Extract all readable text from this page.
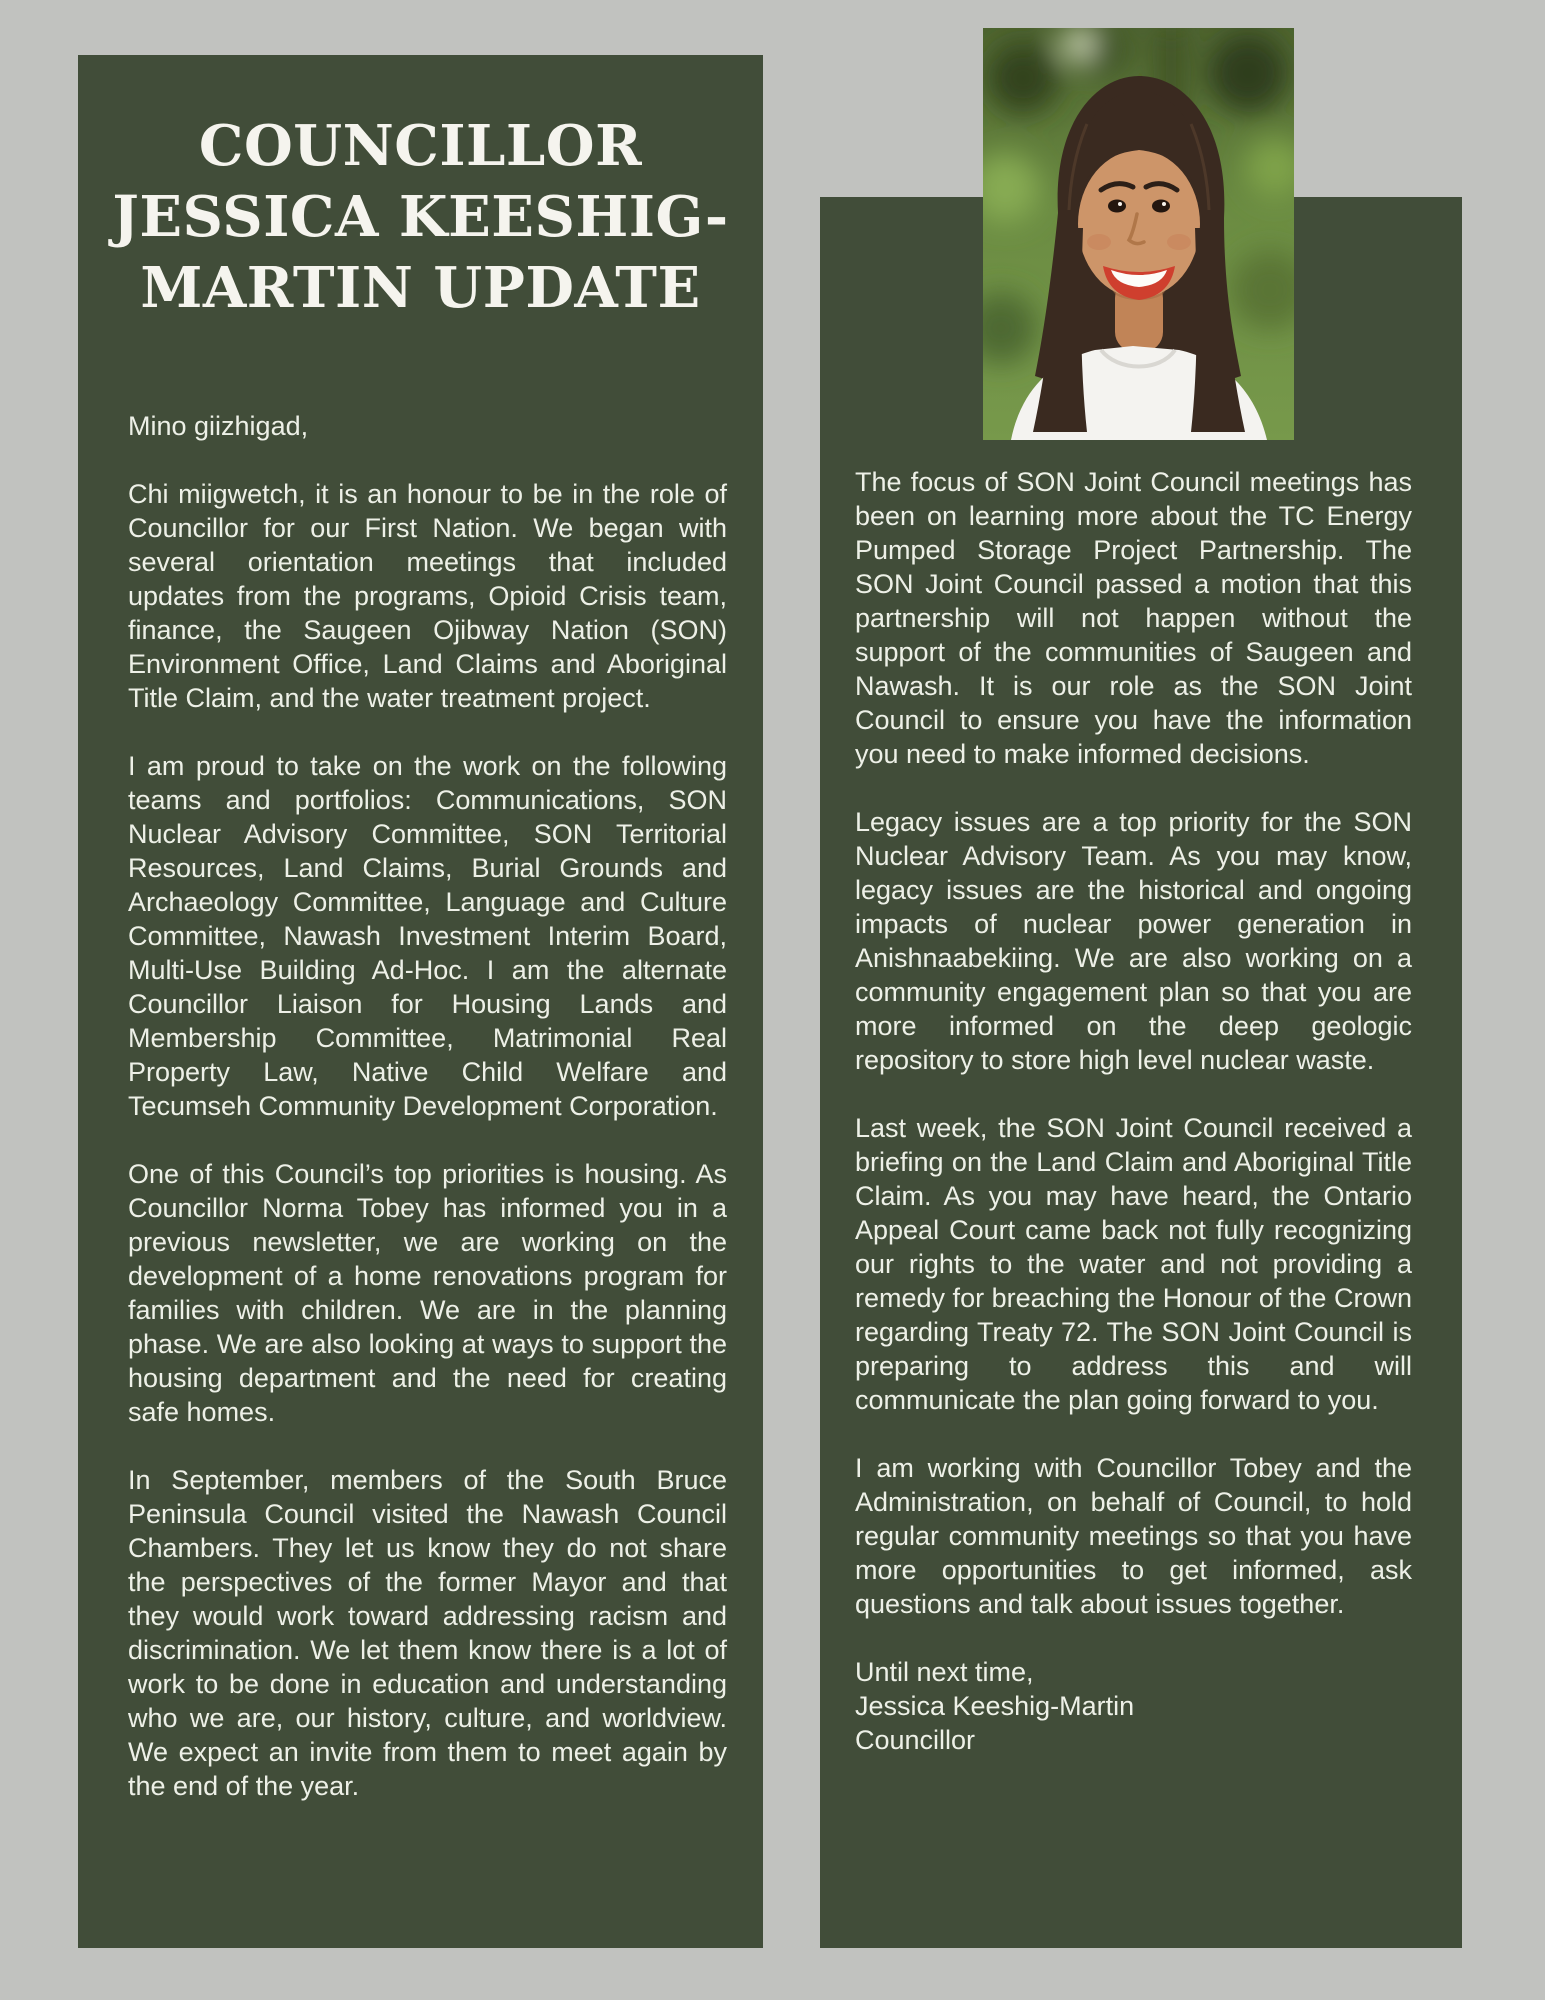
COUNCILLOR
JESSICA KEESHIG-
MARTIN UPDATE

Mino giizhigad,

Chi miigwetch, it is an honour to be in the role of Councillor for our First Nation. We began with several orientation meetings that included updates from the programs, Opioid Crisis team, finance, the Saugeen Ojibway Nation (SON) Environment Office, Land Claims and Aboriginal Title Claim, and the water treatment project.

I am proud to take on the work on the following teams and portfolios: Communications, SON Nuclear Advisory Committee, SON Territorial Resources, Land Claims, Burial Grounds and Archaeology Committee, Language and Culture Committee, Nawash Investment Interim Board, Multi-Use Building Ad-Hoc. I am the alternate Councillor Liaison for Housing Lands and Membership Committee, Matrimonial Real Property Law, Native Child Welfare and Tecumseh Community Development Corporation.

One of this Council’s top priorities is housing. As Councillor Norma Tobey has informed you in a previous newsletter, we are working on the development of a home renovations program for families with children. We are in the planning phase. We are also looking at ways to support the housing department and the need for creating safe homes.

In September, members of the South Bruce Peninsula Council visited the Nawash Council Chambers. They let us know they do not share the perspectives of the former Mayor and that they would work toward addressing racism and discrimination. We let them know there is a lot of work to be done in education and understanding who we are, our history, culture, and worldview. We expect an invite from them to meet again by the end of the year.

The focus of SON Joint Council meetings has been on learning more about the TC Energy Pumped Storage Project Partnership. The SON Joint Council passed a motion that this partnership will not happen without the support of the communities of Saugeen and Nawash. It is our role as the SON Joint Council to ensure you have the information you need to make informed decisions.

Legacy issues are a top priority for the SON Nuclear Advisory Team. As you may know, legacy issues are the historical and ongoing impacts of nuclear power generation in Anishnaabekiing. We are also working on a community engagement plan so that you are more informed on the deep geologic repository to store high level nuclear waste.

Last week, the SON Joint Council received a briefing on the Land Claim and Aboriginal Title Claim. As you may have heard, the Ontario Appeal Court came back not fully recognizing our rights to the water and not providing a remedy for breaching the Honour of the Crown regarding Treaty 72. The SON Joint Council is preparing to address this and will communicate the plan going forward to you.

I am working with Councillor Tobey and the Administration, on behalf of Council, to hold regular community meetings so that you have more opportunities to get informed, ask questions and talk about issues together.

Until next time,
Jessica Keeshig-Martin
Councillor
